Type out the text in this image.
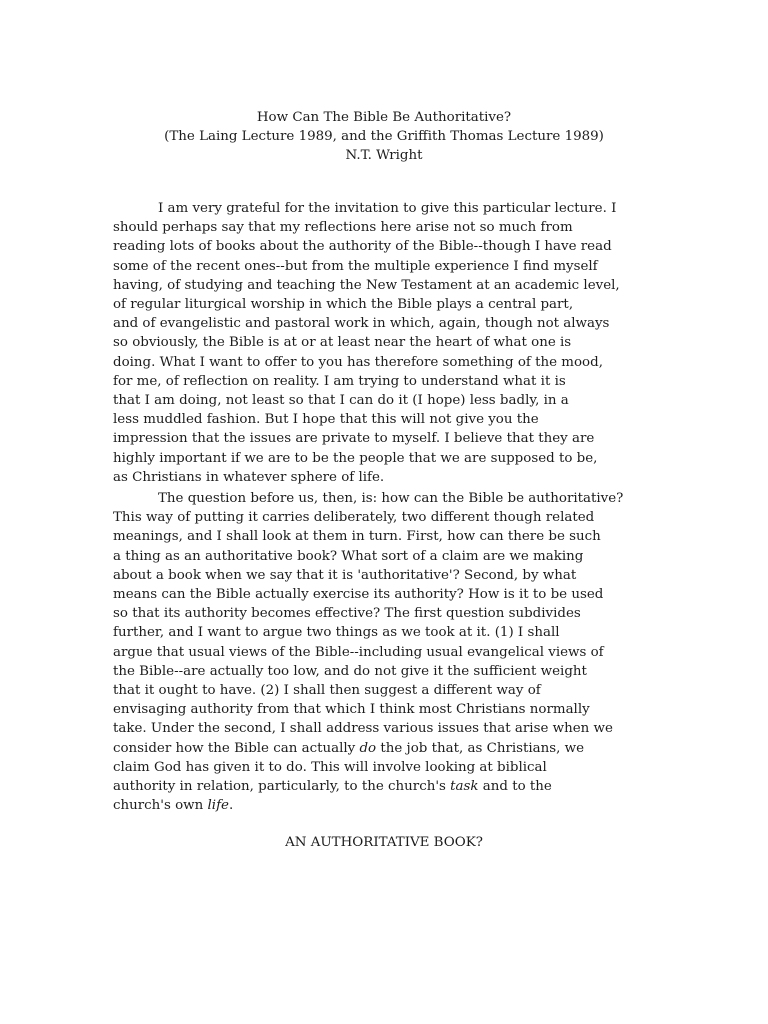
How Can The Bible Be Authoritative?
(The Laing Lecture 1989, and the Griffith Thomas Lecture 1989)
N.T. Wright
I am very grateful for the invitation to give this particular lecture. I
should perhaps say that my reflections here arise not so much from
reading lots of books about the authority of the Bible--though I have read
some of the recent ones--but from the multiple experience I find myself
having, of studying and teaching the New Testament at an academic level,
of regular liturgical worship in which the Bible plays a central part,
and of evangelistic and pastoral work in which, again, though not always
so obviously, the Bible is at or at least near the heart of what one is
doing. What I want to offer to you has therefore something of the mood,
for me, of reflection on reality. I am trying to understand what it is
that I am doing, not least so that I can do it (I hope) less badly, in a
less muddled fashion. But I hope that this will not give you the
impression that the issues are private to myself. I believe that they are
highly important if we are to be the people that we are supposed to be,
as Christians in whatever sphere of life.
The question before us, then, is: how can the Bible be authoritative?
This way of putting it carries deliberately, two different though related
meanings, and I shall look at them in turn. First, how can there be such
a thing as an authoritative book? What sort of a claim are we making
about a book when we say that it is 'authoritative'? Second, by what
means can the Bible actually exercise its authority? How is it to be used
so that its authority becomes effective? The first question subdivides
further, and I want to argue two things as we took at it. (1) I shall
argue that usual views of the Bible--including usual evangelical views of
the Bible--are actually too low, and do not give it the sufficient weight
that it ought to have. (2) I shall then suggest a different way of
envisaging authority from that which I think most Christians normally
take. Under the second, I shall address various issues that arise when we
consider how the Bible can actually do the job that, as Christians, we
claim God has given it to do. This will involve looking at biblical
authority in relation, particularly, to the church's task and to the
church's own life.
AN AUTHORITATIVE BOOK?
